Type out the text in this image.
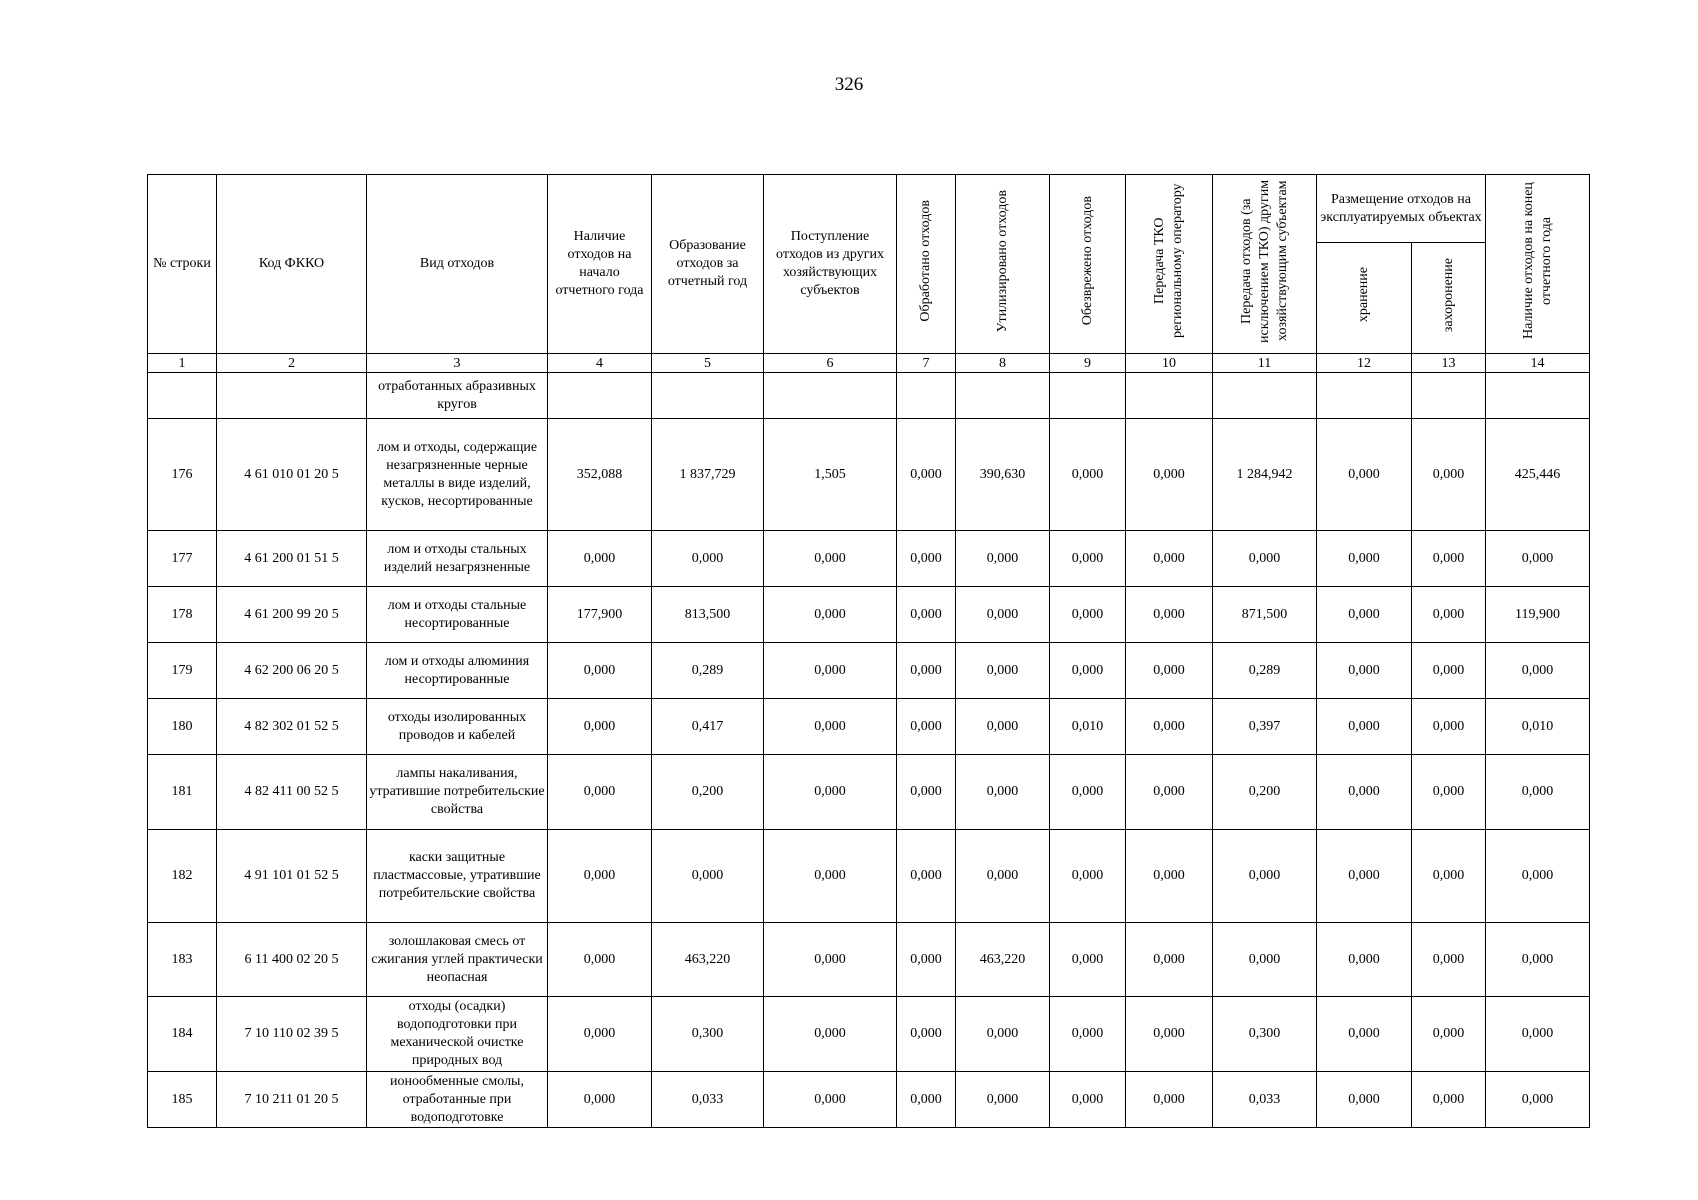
326
№ строки	Код ФККО	Вид отходов	Наличие отходов на начало отчетного года	Образование отходов за отчетный год	Поступление отходов из других хозяйствующих субъектов	Обработано отходов	Утилизировано отходов	Обезврежено отходов	Передача ТКО региональному оператору	Передача отходов (за исключением ТКО) другим хозяйствующим субъектам	Размещение отходов на эксплуатируемых объектах		Наличие отходов на конец отчетного года
											хранение	захоронение	
1	2	3	4	5	6	7	8	9	10	11	12	13	14
		отработанных абразивных кругов											
176	4 61 010 01 20 5	лом и отходы, содержащие незагрязненные черные металлы в виде изделий, кусков, несортированные	352,088	1 837,729	1,505	0,000	390,630	0,000	0,000	1 284,942	0,000	0,000	425,446
177	4 61 200 01 51 5	лом и отходы стальных изделий незагрязненные	0,000	0,000	0,000	0,000	0,000	0,000	0,000	0,000	0,000	0,000	0,000
178	4 61 200 99 20 5	лом и отходы стальные несортированные	177,900	813,500	0,000	0,000	0,000	0,000	0,000	871,500	0,000	0,000	119,900
179	4 62 200 06 20 5	лом и отходы алюминия несортированные	0,000	0,289	0,000	0,000	0,000	0,000	0,000	0,289	0,000	0,000	0,000
180	4 82 302 01 52 5	отходы изолированных проводов и кабелей	0,000	0,417	0,000	0,000	0,000	0,010	0,000	0,397	0,000	0,000	0,010
181	4 82 411 00 52 5	лампы накаливания, утратившие потребительские свойства	0,000	0,200	0,000	0,000	0,000	0,000	0,000	0,200	0,000	0,000	0,000
182	4 91 101 01 52 5	каски защитные пластмассовые, утратившие потребительские свойства	0,000	0,000	0,000	0,000	0,000	0,000	0,000	0,000	0,000	0,000	0,000
183	6 11 400 02 20 5	золошлаковая смесь от сжигания углей практически неопасная	0,000	463,220	0,000	0,000	463,220	0,000	0,000	0,000	0,000	0,000	0,000
184	7 10 110 02 39 5	отходы (осадки) водоподготовки при механической очистке природных вод	0,000	0,300	0,000	0,000	0,000	0,000	0,000	0,300	0,000	0,000	0,000
185	7 10 211 01 20 5	ионообменные смолы, отработанные при водоподготовке	0,000	0,033	0,000	0,000	0,000	0,000	0,000	0,033	0,000	0,000	0,000
